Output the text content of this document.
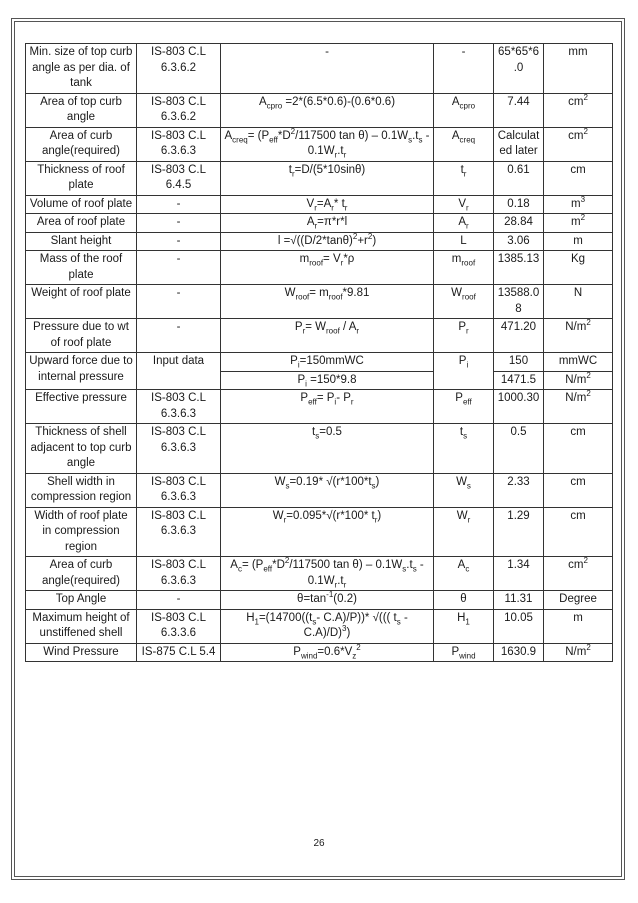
Min. size of top curb angle as per dia. of tank	IS-803 C.L 6.3.6.2	-	-	65*65*6.0	mm
Area of top curb angle	IS-803 C.L 6.3.6.2	$A_{cpro} =2*(6.5*0.6)-(0.6*0.6)$	$A_{cpro}$	7.44	$cm^2$
Area of curb angle(required)	IS-803 C.L 6.3.6.3	$A_{creq}= (P_{eff}*D^2/117500$ $\tan \theta) - 0.1W_s.t_s - 0.1W_r.t_r$	$A_{creq}$	Calculated later	$cm^2$
Thickness of roof plate	IS-803 C.L 6.4.5	$t_r=D/(5*10\sin\theta)$	$t_r$	0.61	cm
Volume of roof plate	-	$V_r=A_r*$ $t_r$	$V_r$	0.18	$m^3$
Area of roof plate	-	$A_r=\pi*r*l$	$A_r$	28.84	$m^2$
Slant height	-	$l =√((D/2*\tan\theta)^2+r^2)$	L	3.06	m
Mass of the roof plate	-	$m_{roof}= V_r*\rho$	$m_{roof}$	1385.13	Kg
Weight of roof plate	-	$W_{roof}= m_{roof}*9.81$	$W_{roof}$	13588.08	N
Pressure due to wt of roof plate	-	$P_r= W_{roof} / A_r$	$P_r$	471.20	$N/m^2$
Upward force due to internal pressure	Input data	$P_i=150mmWC$	$P_i$	150	mmWC
		$P_i =150*9.8$		1471.5	$N/m^2$
Effective pressure	IS-803 C.L 6.3.6.3	$P_{eff}= P_i-$ $P_r$	$P_{eff}$	1000.30	$N/m^2$
Thickness of shell adjacent to top curb angle	IS-803 C.L 6.3.6.3	$t_s=0.5$	$t_s$	0.5	cm
Shell width in compression region	IS-803 C.L 6.3.6.3	$W_s=0.19*$ $√(r*100*t_s)$	$W_s$	2.33	cm
Width of roof plate in compression region	IS-803 C.L 6.3.6.3	$W_r=0.095*√(r*100*$ $t_r$)	$W_r$	1.29	cm
Area of curb angle(required)	IS-803 C.L 6.3.6.3	$A_c= (P_{eff}*D^2/117500$ $\tan \theta) - 0.1W_s.t_s - 0.1W_r.t_r$	$A_c$	1.34	$cm^2$
Top Angle	-	$\theta=\tan^{-1}(0.2)$	θ	11.31	Degree
Maximum height of unstiffened shell	IS-803 C.L 6.3.3.6	$H_1=(14700((t_s-$ C.A)/P))* √((( $t_s - C.A)/D)^3$)	$H_1$	10.05	m
Wind Pressure	IS-875 C.L 5.4	$P_{wind}=0.6*V_z^2$	$P_{wind}$	1630.9	$N/m^2$
26
